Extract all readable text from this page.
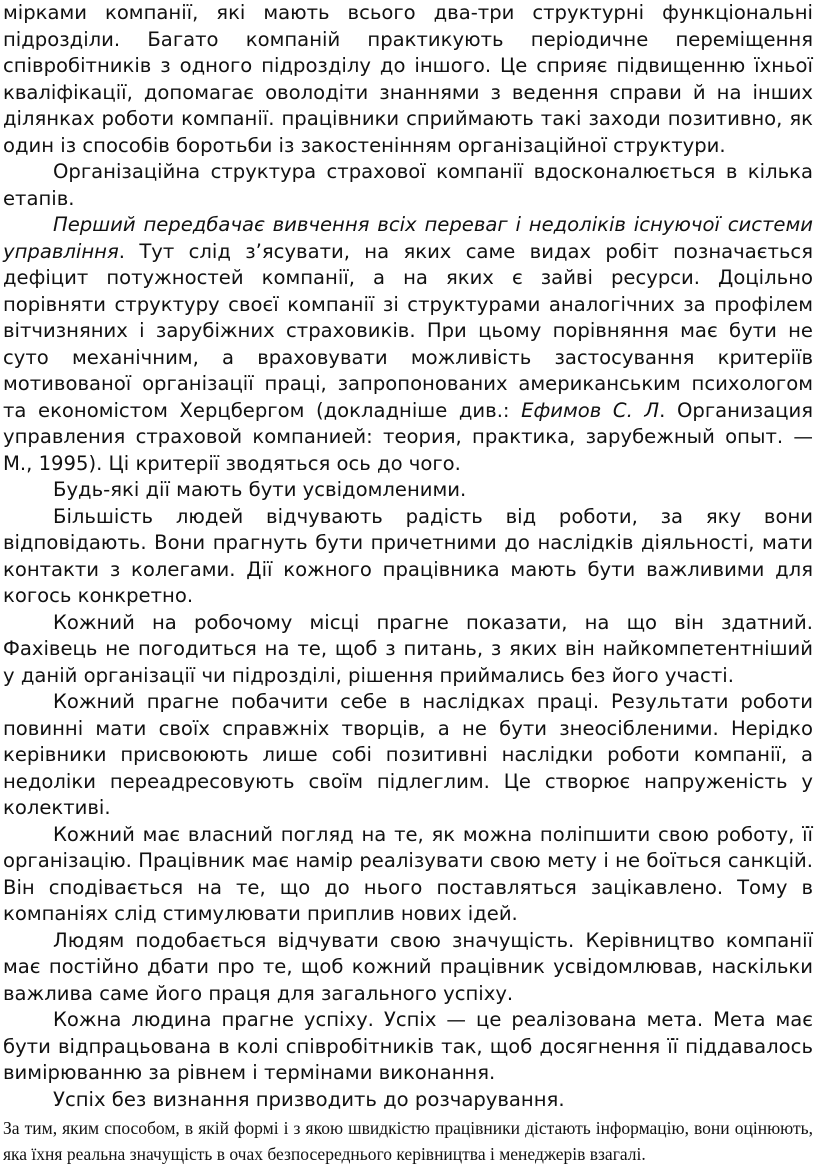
мірками компанії, які мають всього два-три структурні функціональні підрозділи. Багато компаній практикують періодичне переміщення співробітників з одного підрозділу до іншого. Це сприяє підвищенню їхньої кваліфікації, допомагає оволодіти знаннями з ведення справи й на інших ділянках роботи компанії. працівники сприймають такі заходи позитивно, як один із способів боротьби із закостенінням організаційної структури.

Організаційна структура страхової компанії вдосконалюється в кілька етапів.

Перший передбачає вивчення всіх переваг і недоліків існуючої системи управління. Тут слід з’ясувати, на яких саме видах робіт позначається дефіцит потужностей компанії, а на яких є зайві ресурси. Доцільно порівняти структуру своєї компанії зі структурами аналогічних за профілем вітчизняних і зарубіжних страховиків. При цьому порівняння має бути не суто механічним, а враховувати можливість застосування критеріїв мотивованої організації праці, запропонованих американським психологом та економістом Херцбергом (докладніше див.: Ефимов С. Л. Организация управления страховой компанией: теория, практика, зарубежный опыт. — М., 1995). Ці критерії зводяться ось до чого.

Будь-які дії мають бути усвідомленими.

Більшість людей відчувають радість від роботи, за яку вони відповідають. Вони прагнуть бути причетними до наслідків діяльності, мати контакти з колегами. Дії кожного працівника мають бути важливими для когось конкретно.

Кожний на робочому місці прагне показати, на що він здатний. Фахівець не погодиться на те, щоб з питань, з яких він найкомпетентніший у даній організації чи підрозділі, рішення приймались без його участі.

Кожний прагне побачити себе в наслідках праці. Результати роботи повинні мати своїх справжніх творців, а не бути знеосібленими. Нерідко керівники присвоюють лише собі позитивні наслідки роботи компанії, а недоліки переадресовують своїм підлеглим. Це створює напруженість у колективі.

Кожний має власний погляд на те, як можна поліпшити свою роботу, її організацію. Працівник має намір реалізувати свою мету і не боїться санкцій. Він сподівається на те, що до нього поставляться зацікавлено. Тому в компаніях слід стимулювати приплив нових ідей.

Людям подобається відчувати свою значущість. Керівництво компанії має постійно дбати про те, щоб кожний працівник усвідомлював, наскільки важлива саме його праця для загального успіху.

Кожна людина прагне успіху. Успіх — це реалізована мета. Мета має бути відпрацьована в колі співробітників так, щоб досягнення її піддавалось вимірюванню за рівнем і термінами виконання.

Успіх без визнання призводить до розчарування.

За тим, яким способом, в якій формі і з якою швидкістю працівники дістають інформацію, вони оцінюють, яка їхня реальна значущість в очах безпосереднього керівництва і менеджерів взагалі.
